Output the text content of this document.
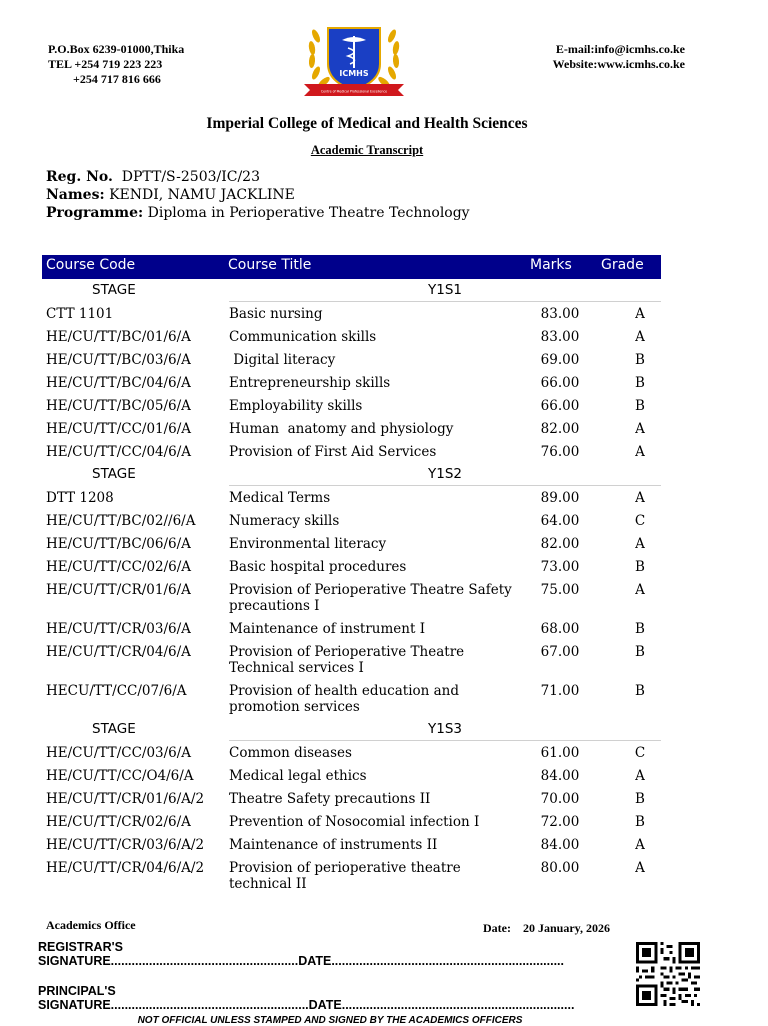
P.O.Box 6239-01000,Thika
TEL +254 719 223 223

+254 717 816 666
E-mail:info@icmhs.co.ke
Website:www.icmhs.co.ke
ICMHS
Centre of Medical Professional Excellence
Imperial College of Medical and Health Sciences
Academic Transcript
Reg. No. DPTT/S-2503/IC/23
Names: KENDI, NAMU JACKLINE
Programme: Diploma in Perioperative Theatre Technology
Course Code	Course Title	Marks Grade
STAGE	Y1S1		
CTT 1101	Basic nursing	83.00	A
HE/CU/TT/BC/01/6/A	Communication skills	83.00	A
HE/CU/TT/BC/03/6/A	Digital literacy	69.00	B
HE/CU/TT/BC/04/6/A	Entrepreneurship skills	66.00	B
HE/CU/TT/BC/05/6/A	Employability skills	66.00	B
HE/CU/TT/CC/01/6/A	Human  anatomy and physiology	82.00	A
HE/CU/TT/CC/04/6/A	Provision of First Aid Services	76.00	A
STAGE	Y1S2		
DTT 1208	Medical Terms	89.00	A
HE/CU/TT/BC/02//6/A	Numeracy skills	64.00	C
HE/CU/TT/BC/06/6/A	Environmental literacy	82.00	A
HE/CU/TT/CC/02/6/A	Basic hospital procedures	73.00	B
HE/CU/TT/CR/01/6/A	Provision of Perioperative Theatre Safety precautions I	75.00	A
HE/CU/TT/CR/03/6/A	Maintenance of instrument I	68.00	B
HE/CU/TT/CR/04/6/A	Provision of Perioperative Theatre Technical services I	67.00	B
HECU/TT/CC/07/6/A	Provision of health education and promotion services	71.00	B
STAGE	Y1S3		
HE/CU/TT/CC/03/6/A	Common diseases	61.00	C
HE/CU/TT/CC/O4/6/A	Medical legal ethics	84.00	A
HE/CU/TT/CR/01/6/A/2	Theatre Safety precautions II	70.00	B
HE/CU/TT/CR/02/6/A	Prevention of Nosocomial infection I	72.00	B
HE/CU/TT/CR/03/6/A/2	Maintenance of instruments II	84.00	A
HE/CU/TT/CR/04/6/A/2	Provision of perioperative theatre technical II	80.00	A
Academics Office	Date: 20 January, 2026
REGISTRAR'S
SIGNATURE......................................................DATE...................................................................
PRINCIPAL'S
SIGNATURE.........................................................DATE...................................................................
NOT OFFICIAL UNLESS STAMPED AND SIGNED BY THE ACADEMICS OFFICERS
